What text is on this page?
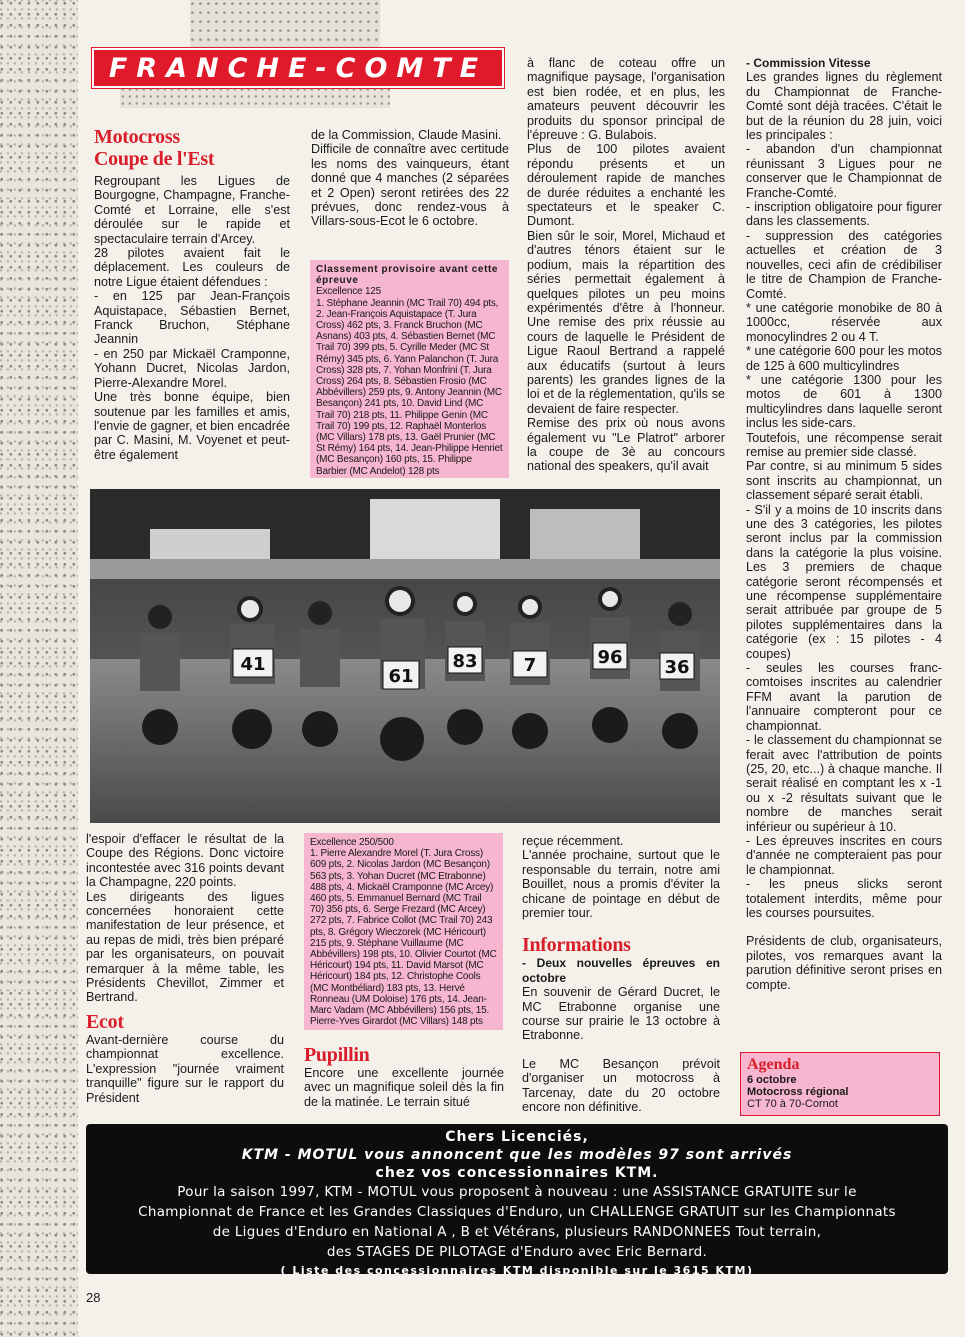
FRANCHE-COMTE

Motocross

Coupe de l'Est

Regroupant les Ligues de Bourgogne, Champagne, Franche-Comté et Lorraine, elle s'est déroulée sur le rapide et spectaculaire terrain d'Arcey.

28 pilotes avaient fait le déplacement. Les couleurs de notre Ligue étaient défendues :

- en 125 par Jean-François Aquistapace, Sébastien Bernet, Franck Bruchon, Stéphane Jeannin

- en 250 par Mickaël Cramponne, Yohann Ducret, Nicolas Jardon, Pierre-Alexandre Morel.

Une très bonne équipe, bien soutenue par les familles et amis, l'envie de gagner, et bien encadrée par C. Masini, M. Voyenet et peut-être également

de la Commission, Claude Masini.

Difficile de connaître avec certitude les noms des vainqueurs, étant donné que 4 manches (2 séparées et 2 Open) seront retirées des 22 prévues, donc rendez-vous à Villars-sous-Ecot le 6 octobre.

Classement provisoire avant cette épreuve
Excellence 125
1. Stéphane Jeannin (MC Trail 70) 494 pts, 2. Jean-François Aquistapace (T. Jura Cross) 462 pts, 3. Franck Bruchon (MC Asnans) 403 pts, 4. Sébastien Bernet (MC Trail 70) 399 pts, 5. Cyrille Meder (MC St Rémy) 345 pts, 6. Yann Palanchon (T. Jura Cross) 328 pts, 7. Yohan Monfrini (T. Jura Cross) 264 pts, 8. Sébastien Frosio (MC Abbévillers) 259 pts, 9. Antony Jeannin (MC Besançon) 241 pts, 10. David Lind (MC Trail 70) 218 pts, 11. Philippe Genin (MC Trail 70) 199 pts, 12. Raphaël Monterlos (MC Villars) 178 pts, 13. Gaël Prunier (MC St Rémy) 164 pts, 14. Jean-Philippe Henriet (MC Besançon) 160 pts, 15. Philippe Barbier (MC Andelot) 128 pts

à flanc de coteau offre un magnifique paysage, l'organisation est bien rodée, et en plus, les amateurs peuvent découvrir les produits du sponsor principal de l'épreuve : G. Bulabois.

Plus de 100 pilotes avaient répondu présents et un déroulement rapide de manches de durée réduites a enchanté les spectateurs et le speaker C. Dumont.

Bien sûr le soir, Morel, Michaud et d'autres ténors étaient sur le podium, mais la répartition des séries permettait également à quelques pilotes un peu moins expérimentés d'être à l'honneur. Une remise des prix réussie au cours de laquelle le Président de Ligue Raoul Bertrand a rappelé aux éducatifs (surtout à leurs parents) les grandes lignes de la loi et de la réglementation, qu'ils se devaient de faire respecter.

Remise des prix où nous avons également vu "Le Platrot" arborer la coupe de 3è au concours national des speakers, qu'il avait

- Commission Vitesse

Les grandes lignes du règlement du Championnat de Franche-Comté sont déjà tracées. C'était le but de la réunion du 28 juin, voici les principales :

- abandon d'un championnat réunissant 3 Ligues pour ne conserver que le Championnat de Franche-Comté.

- inscription obligatoire pour figurer dans les classements.

- suppression des catégories actuelles et création de 3 nouvelles, ceci afin de crédibiliser le titre de Champion de Franche-Comté.

* une catégorie monobike de 80 à 1000cc, réservée aux monocylindres 2 ou 4 T.

* une catégorie 600 pour les motos de 125 à 600 multicylindres

* une catégorie 1300 pour les motos de 601 à 1300 multicylindres dans laquelle seront inclus les side-cars.

Toutefois, une récompense serait remise au premier side classé.

Par contre, si au minimum 5 sides sont inscrits au championnat, un classement séparé serait établi.

- S'il y a moins de 10 inscrits dans une des 3 catégories, les pilotes seront inclus par la commission dans la catégorie la plus voisine. Les 3 premiers de chaque catégorie seront récompensés et une récompense supplémentaire serait attribuée par groupe de 5 pilotes supplémentaires dans la catégorie (ex : 15 pilotes - 4 coupes)

- seules les courses franc-comtoises inscrites au calendrier FFM avant la parution de l'annuaire compteront pour ce championnat.

- le classement du championnat se ferait avec l'attribution de points (25, 20, etc...) à chaque manche. Il serait réalisé en comptant les x -1 ou x -2 résultats suivant que le nombre de manches serait inférieur ou supérieur à 10.

- Les épreuves inscrites en cours d'année ne compteraient pas pour le championnat.

- les pneus slicks seront totalement interdits, même pour les courses poursuites.

Présidents de club, organisateurs, pilotes, vos remarques avant la parution définitive seront prises en compte.

61
41	83	7	36
96

l'espoir d'effacer le résultat de la Coupe des Régions. Donc victoire incontestée avec 316 points devant la Champagne, 220 points.

Les dirigeants des ligues concernées honoraient cette manifestation de leur présence, et au repas de midi, très bien préparé par les organisateurs, on pouvait remarquer à la même table, les Présidents Chevillot, Zimmer et Bertrand.

Ecot

Avant-dernière course du championnat excellence. L'expression "journée vraiment tranquille" figure sur le rapport du Président

Excellence 250/500
1. Pierre Alexandre Morel (T. Jura Cross) 609 pts, 2. Nicolas Jardon (MC Besançon) 563 pts, 3. Yohan Ducret (MC Etrabonne) 488 pts, 4. Mickaël Cramponne (MC Arcey) 460 pts, 5. Emmanuel Bernard (MC Trail 70) 356 pts, 6. Serge Frezard (MC Arcey) 272 pts, 7. Fabrice Collot (MC Trail 70) 243 pts, 8. Grégory Wieczorek (MC Héricourt) 215 pts, 9. Stéphane Vuillaume (MC Abbévillers) 198 pts, 10. Olivier Courtot (MC Héricourt) 194 pts, 11. David Marsot (MC Héricourt) 184 pts, 12. Christophe Cools (MC Montbéliard) 183 pts, 13. Hervé Ronneau (UM Doloise) 176 pts, 14. Jean-Marc Vadam (MC Abbévillers) 156 pts, 15. Pierre-Yves Girardot (MC Villars) 148 pts

Pupillin

Encore une excellente journée avec un magnifique soleil dès la fin de la matinée. Le terrain situé

reçue récemment.

L'année prochaine, surtout que le responsable du terrain, notre ami Bouillet, nous a promis d'éviter la chicane de pointage en début de premier tour.

Informations

- Deux nouvelles épreuves en octobre

En souvenir de Gérard Ducret, le MC Etrabonne organise une course sur prairie le 13 octobre à Etrabonne.

Le MC Besançon prévoit d'organiser un motocross à Tarcenay, date du 20 octobre encore non définitive.

Agenda
6 octobre
Motocross régional
CT 70 à 70-Cornot
Chers Licenciés,
KTM - MOTUL vous annoncent que les modèles 97 sont arrivés
chez vos concessionnaires KTM.
Pour la saison 1997, KTM - MOTUL vous proposent à nouveau : une ASSISTANCE GRATUITE sur le
Championnat de France et les Grandes Classiques d'Enduro, un CHALLENGE GRATUIT sur les Championnats
de Ligues d'Enduro en National A , B et Vétérans, plusieurs RANDONNEES Tout terrain,
des STAGES DE PILOTAGE d'Enduro avec Eric Bernard.
( Liste des concessionnaires KTM disponible sur le 3615 KTM)
28
